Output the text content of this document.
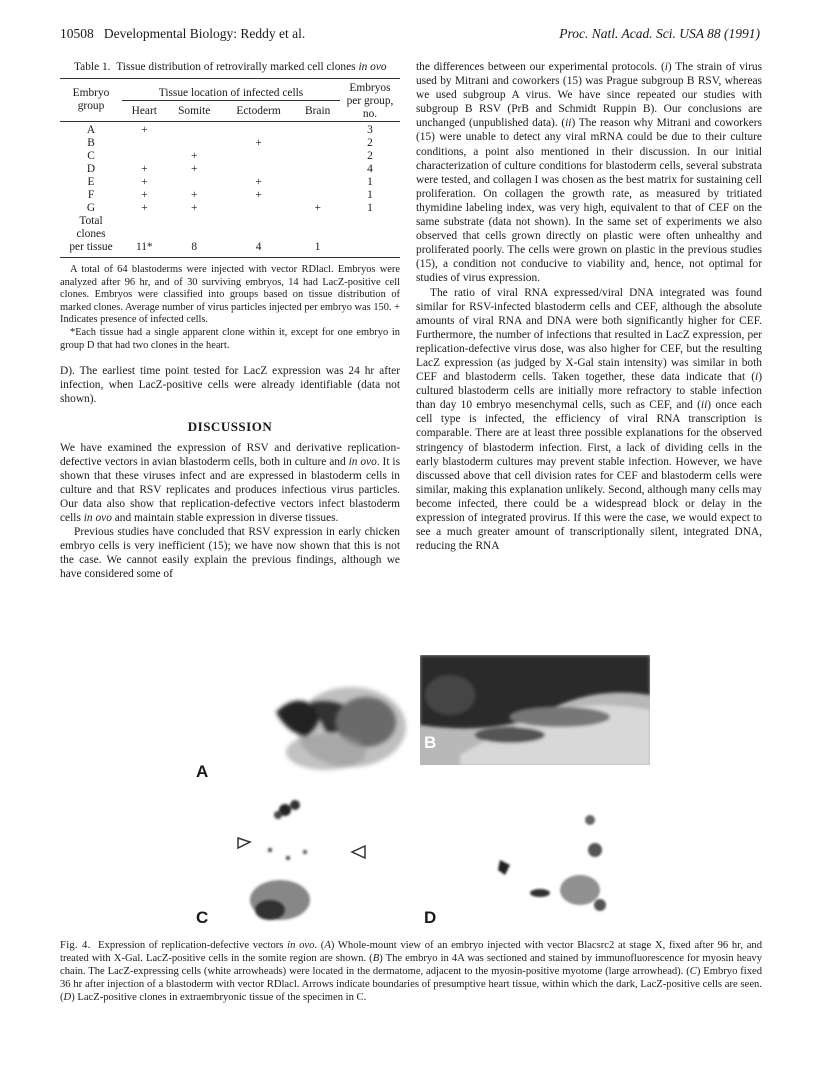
10508 Developmental Biology: Reddy et al.	Proc. Natl. Acad. Sci. USA 88 (1991)

Table 1. Tissue distribution of retrovirally marked cell clones in ovo

Embryo group	Tissue location of infected cells				Embryos per group, no.
	Heart	Somite	Ectoderm	Brain	
A	+				3
B			+		2
C		+			2
D	+	+			4
E	+		+		1
F	+	+	+		1
G	+	+		+	1
Total					
clones					
per tissue	11*	8	4	1	

A total of 64 blastoderms were injected with vector RDlacl. Embryos were analyzed after 96 hr, and of 30 surviving embryos, 14 had LacZ-positive cell clones. Embryos were classified into groups based on tissue distribution of marked clones. Average number of virus particles injected per embryo was 150. + Indicates presence of infected cells.

*Each tissue had a single apparent clone within it, except for one embryo in group D that had two clones in the heart.

D). The earliest time point tested for LacZ expression was 24 hr after infection, when LacZ-positive cells were already identifiable (data not shown).

DISCUSSION

We have examined the expression of RSV and derivative replication-defective vectors in avian blastoderm cells, both in culture and in ovo. It is shown that these viruses infect and are expressed in blastoderm cells in culture and that RSV replicates and produces infectious virus particles. Our data also show that replication-defective vectors infect blastoderm cells in ovo and maintain stable expression in diverse tissues.

Previous studies have concluded that RSV expression in early chicken embryo cells is very inefficient (15); we have now shown that this is not the case. We cannot easily explain the previous findings, although we have considered some of

the differences between our experimental protocols. (i) The strain of virus used by Mitrani and coworkers (15) was Prague subgroup B RSV, whereas we used subgroup A virus. We have since repeated our studies with subgroup B RSV (PrB and Schmidt Ruppin B). Our conclusions are unchanged (unpublished data). (ii) The reason why Mitrani and coworkers (15) were unable to detect any viral mRNA could be due to their culture conditions, a point also mentioned in their discussion. In our initial characterization of culture conditions for blastoderm cells, several substrata were tested, and collagen I was chosen as the best matrix for sustaining cell proliferation. On collagen the growth rate, as measured by tritiated thymidine labeling index, was very high, equivalent to that of CEF on the same substrate (data not shown). In the same set of experiments we also observed that cells grown directly on plastic were often unhealthy and proliferated poorly. The cells were grown on plastic in the previous studies (15), a condition not conducive to viability and, hence, not optimal for studies of virus expression.

The ratio of viral RNA expressed/viral DNA integrated was found similar for RSV-infected blastoderm cells and CEF, although the absolute amounts of viral RNA and DNA were both significantly higher for CEF. Furthermore, the number of infections that resulted in LacZ expression, per replication-defective virus dose, was also higher for CEF, but the resulting LacZ expression (as judged by X-Gal stain intensity) was similar in both CEF and blastoderm cells. Taken together, these data indicate that (i) cultured blastoderm cells are initially more refractory to stable infection than day 10 embryo mesenchymal cells, such as CEF, and (ii) once each cell type is infected, the efficiency of viral RNA transcription is comparable. There are at least three possible explanations for the observed stringency of blastoderm infection. First, a lack of dividing cells in the early blastoderm cultures may prevent stable infection. However, we have discussed above that cell division rates for CEF and blastoderm cells were similar, making this explanation unlikely. Second, although many cells may become infected, there could be a widespread block or delay in the expression of integrated provirus. If this were the case, we would expect to see a much greater amount of transcriptionally silent, integrated DNA, reducing the RNA

A
B
C	D
Fig. 4. Expression of replication-defective vectors in ovo. (A) Whole-mount view of an embryo injected with vector Blacsrc2 at stage X, fixed after 96 hr, and treated with X-Gal. LacZ-positive cells in the somite region are shown. (B) The embryo in 4A was sectioned and stained by immunofluorescence for myosin heavy chain. The LacZ-expressing cells (white arrowheads) were located in the dermatome, adjacent to the myosin-positive myotome (large arrowhead). (C) Embryo fixed 36 hr after injection of a blastoderm with vector RDlacl. Arrows indicate boundaries of presumptive heart tissue, within which the dark, LacZ-positive cells are seen. (D) LacZ-positive clones in extraembryonic tissue of the specimen in C.
